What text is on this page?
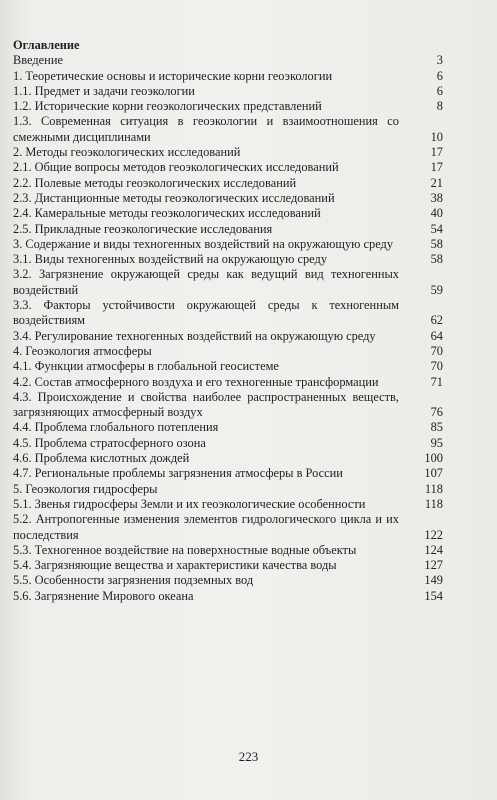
Оглавление
Введение	3
1. Теоретические основы и исторические корни геоэкологии	6
1.1. Предмет и задачи геоэкологии	6
1.2. Исторические корни геоэкологических представлений	8
1.3. Современная ситуация в геоэкологии и взаимоотношения со смежными дисциплинами	10
2. Методы геоэкологических исследований	17
2.1. Общие вопросы методов геоэкологических исследований	17
2.2. Полевые методы геоэкологических исследований	21
2.3. Дистанционные методы геоэкологических исследований	38
2.4. Камеральные методы геоэкологических исследований	40
2.5. Прикладные геоэкологические исследования	54
3. Содержание и виды техногенных воздействий на окружающую среду	58
3.1. Виды техногенных воздействий на окружающую среду	58
3.2. Загрязнение окружающей среды как ведущий вид техногенных воздействий	59
3.3. Факторы устойчивости окружающей среды к техногенным воздействиям	62
3.4. Регулирование техногенных воздействий на окружающую среду	64
4. Геоэкология атмосферы	70
4.1. Функции атмосферы в глобальной геосистеме	70
4.2. Состав атмосферного воздуха и его техногенные трансформации	71
4.3. Происхождение и свойства наиболее распространенных веществ, загрязняющих атмосферный воздух	76
4.4. Проблема глобального потепления	85
4.5. Проблема стратосферного озона	95
4.6. Проблема кислотных дождей	100
4.7. Региональные проблемы загрязнения атмосферы в России	107
5. Геоэкология гидросферы	118
5.1. Звенья гидросферы Земли и их геоэкологические особенности	118
5.2. Антропогенные изменения элементов гидрологического цикла и их последствия	122
5.3. Техногенное воздействие на поверхностные водные объекты	124
5.4. Загрязняющие вещества и характеристики качества воды	127
5.5. Особенности загрязнения подземных вод	149
5.6. Загрязнение Мирового океана	154
223
